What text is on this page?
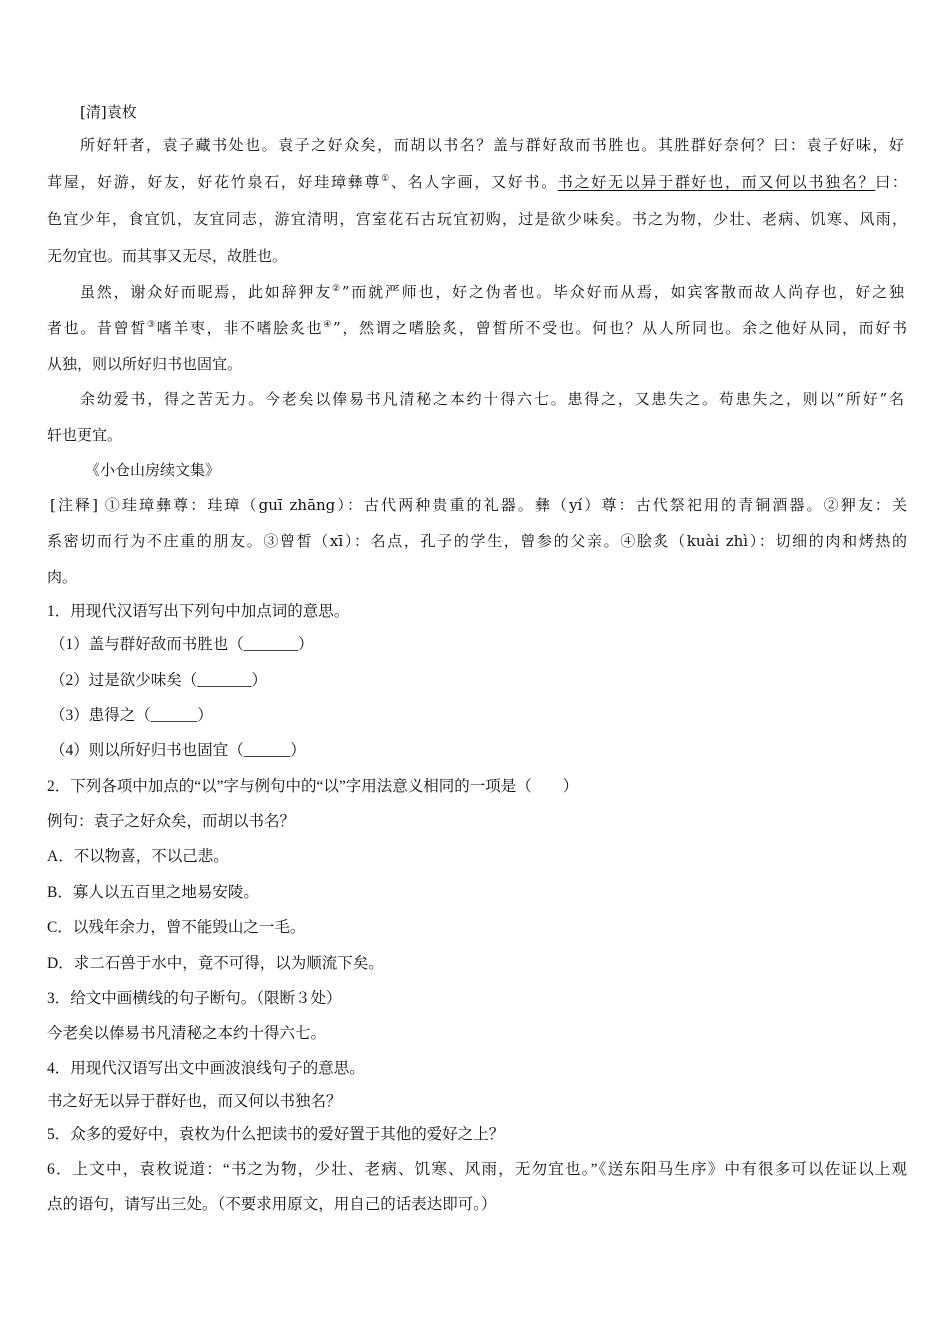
[清]袁枚
所好轩者，袁子藏书处也。袁子之好众矣，而胡以书名？盖与群好敌而书胜也。其胜群好奈何？曰：袁子好味，好
茸屋，好游，好友，好花竹泉石，好珪璋彝尊①、名人字画，又好书。书之好无以异于群好也，而又何以书独名？曰：
色宜少年，食宜饥，友宜同志，游宜清明，宫室花石古玩宜初购，过是欲少味矣。书之为物，少壮、老病、饥寒、风雨，
无勿宜也。而其事又无尽，故胜也。
虽然，谢众好而昵焉，此如辞狎友②”而就严师也，好之伪者也。毕众好而从焉，如宾客散而故人尚存也，好之独
者也。昔曾皙③嗜羊枣，非不嗜脍炙也④”，然谓之嗜脍炙，曾皙所不受也。何也？从人所同也。余之他好从同，而好书
从独，则以所好归书也固宜。
余幼爱书，得之苦无力。今老矣以俸易书凡清秘之本约十得六七。患得之，又患失之。苟患失之，则以“所好”名
轩也更宜。
《小仓山房续文集》
[注释] ①珪璋彝尊：珪璋（guī zhāng）：古代两种贵重的礼器。彝（yí）尊：古代祭祀用的青铜酒器。②狎友：关
系密切而行为不庄重的朋友。③曾皙（xī）：名点，孔子的学生，曾参的父亲。④脍炙（kuài zhì）：切细的肉和烤热的
肉。
1．用现代汉语写出下列句中加点词的意思。
（1）盖与群好敌而书胜也（_______）
（2）过是欲少味矣（_______）
（3）患得之（______）
（4）则以所好归书也固宜（______）
2．下列各项中加点的“以”字与例句中的“以”字用法意义相同的一项是（　　）
例句：袁子之好众矣，而胡以书名？
A．不以物喜，不以己悲。
B．寡人以五百里之地易安陵。
C．以残年余力，曾不能毁山之一毛。
D．求二石兽于水中，竟不可得，以为顺流下矣。
3．给文中画横线的句子断句。（限断３处）
今老矣以俸易书凡清秘之本约十得六七。
4．用现代汉语写出文中画波浪线句子的意思。
书之好无以异于群好也，而又何以书独名？
5．众多的爱好中，袁枚为什么把读书的爱好置于其他的爱好之上？
6．上文中，袁枚说道：“书之为物，少壮、老病、饥寒、风雨，无勿宜也。”《送东阳马生序》中有很多可以佐证以上观
点的语句，请写出三处。（不要求用原文，用自己的话表达即可。）
